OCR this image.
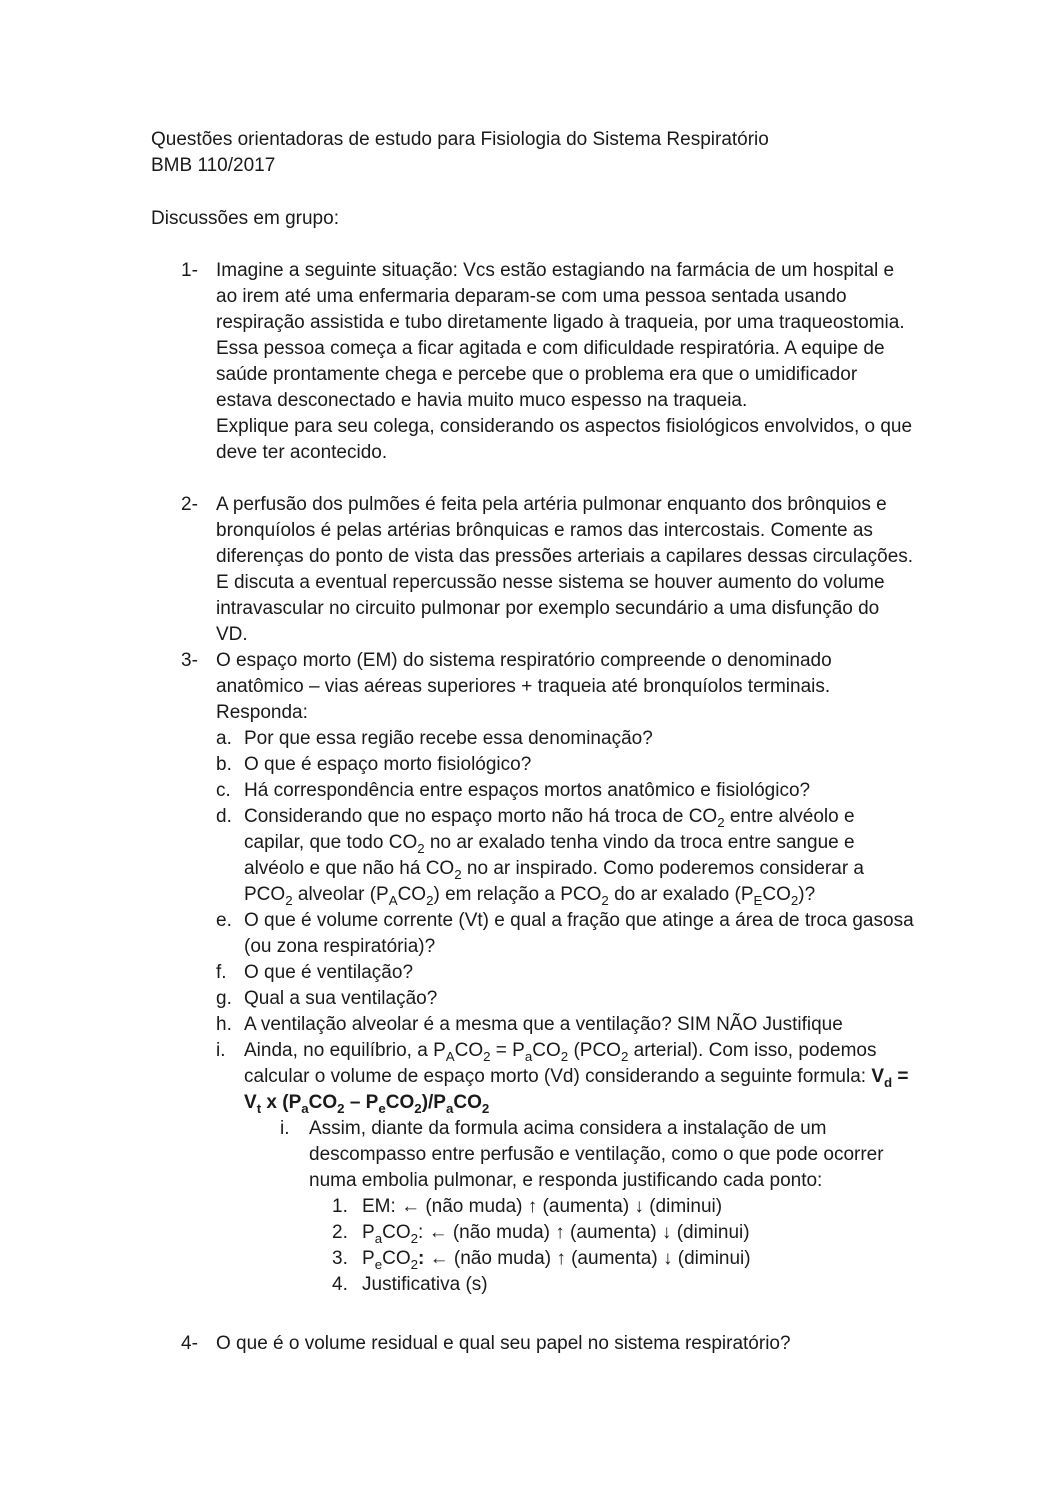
Questões orientadoras de estudo para Fisiologia do Sistema Respiratório
BMB 110/2017
Discussões em grupo:
1- Imagine a seguinte situação: Vcs estão estagiando na farmácia de um hospital e ao irem até uma enfermaria deparam-se com uma pessoa sentada usando respiração assistida e tubo diretamente ligado à traqueia, por uma traqueostomia.

Essa pessoa começa a ficar agitada e com dificuldade respiratória. A equipe de saúde prontamente chega e percebe que o problema era que o umidificador estava desconectado e havia muito muco espesso na traqueia.

Explique para seu colega, considerando os aspectos fisiológicos envolvidos, o que deve ter acontecido.

2- A perfusão dos pulmões é feita pela artéria pulmonar enquanto dos brônquios e bronquíolos é pelas artérias brônquicas e ramos das intercostais. Comente as diferenças do ponto de vista das pressões arteriais a capilares dessas circulações. E discuta a eventual repercussão nesse sistema se houver aumento do volume intravascular no circuito pulmonar por exemplo secundário a uma disfunção do VD.

3- O espaço morto (EM) do sistema respiratório compreende o denominado anatômico – vias aéreas superiores + traqueia até bronquíolos terminais.

Responda:

a. Por que essa região recebe essa denominação?
b. O que é espaço morto fisiológico?
c. Há correspondência entre espaços mortos anatômico e fisiológico?
d. Considerando que no espaço morto não há troca de $CO_2$ entre alvéolo e capilar, que todo $CO_2$ no ar exalado tenha vindo da troca entre sangue e alvéolo e que não há $CO_2$ no ar inspirado. Como poderemos considerar a $PCO_2$ alveolar $(P_ACO_2)$ em relação a $PCO_2$ do ar exalado $(P_ECO_2)$?
e. O que é volume corrente (Vt) e qual a fração que atinge a área de troca gasosa (ou zona respiratória)?
f. O que é ventilação?
g. Qual a sua ventilação?
h. A ventilação alveolar é a mesma que a ventilação? SIM NÃO Justifique
i. Ainda, no equilíbrio, a $P_ACO_2 = P_aCO_2$ ($PCO_2$ arterial). Com isso, podemos calcular o volume de espaço morto (Vd) considerando a seguinte formula: $V_d = V_t$ x $(P_aCO_2 - P_eCO_2)/P_aCO_2$
i. Assim, diante da formula acima considera a instalação de um descompasso entre perfusão e ventilação, como o que pode ocorrer numa embolia pulmonar, e responda justificando cada ponto:
1. EM: ← (não muda) ↑ (aumenta) ↓ (diminui)
2. $P_aCO_2$: ← (não muda) ↑ (aumenta) ↓ (diminui)
3. $P_eCO_2$: ← (não muda) ↑ (aumenta) ↓ (diminui)
4. Justificativa (s)
4- O que é o volume residual e qual seu papel no sistema respiratório?
